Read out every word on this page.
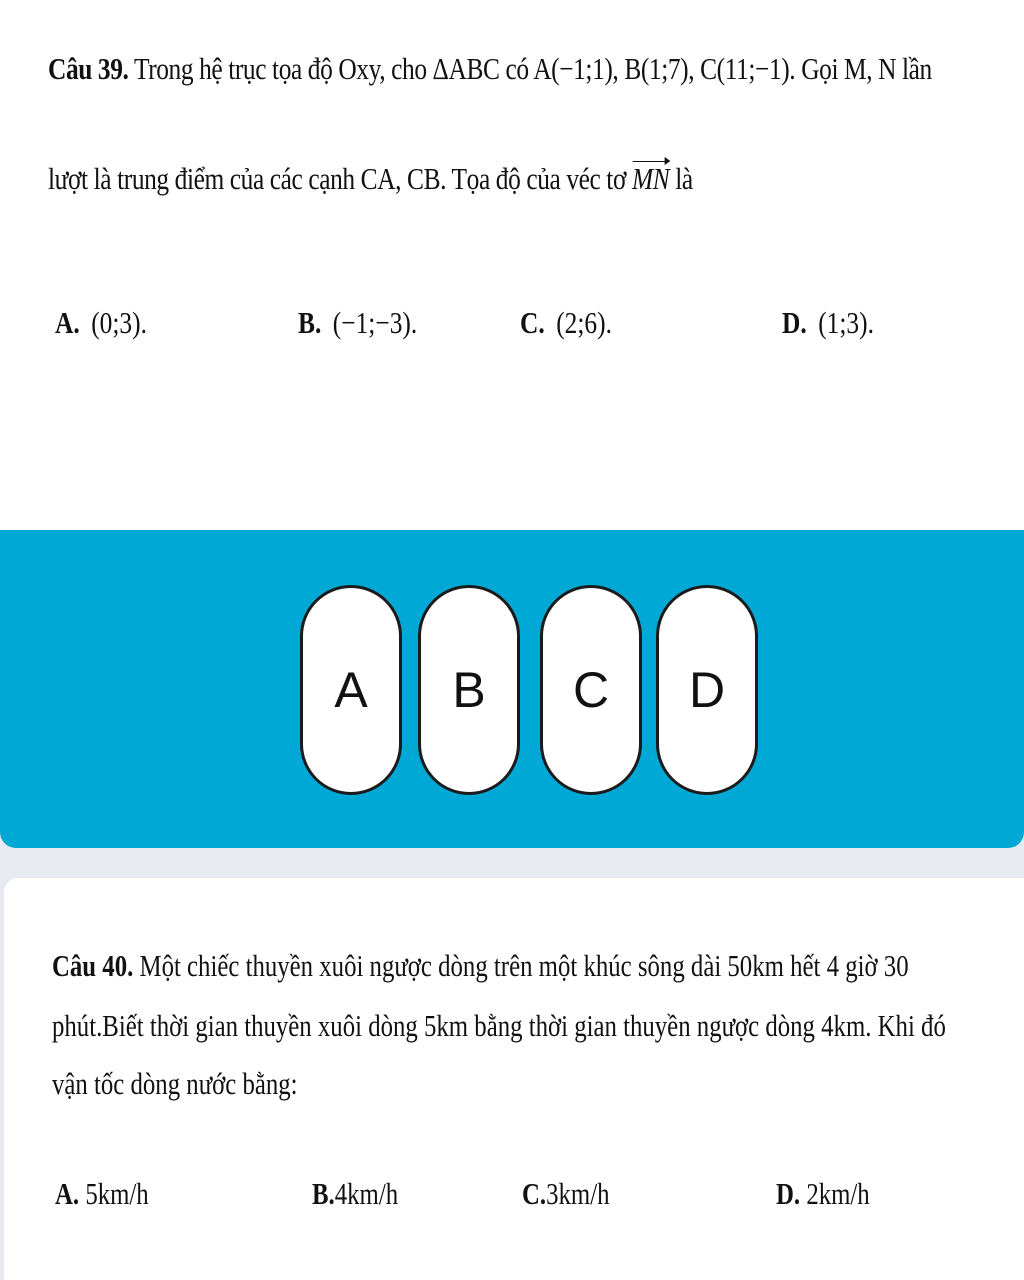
Câu 39. Trong hệ trục tọa độ Oxy, cho ΔABC có A(−1;1), B(1;7), C(11;−1). Gọi M, N lần
lượt là trung điểm của các cạnh CA, CB. Tọa độ của véc tơ MN là
A. (0;3).	B. (−1;−3).	C. (2;6).	D. (1;3).
A	B	C	D
Câu 40. Một chiếc thuyền xuôi ngược dòng trên một khúc sông dài 50km hết 4 giờ 30
phút.Biết thời gian thuyền xuôi dòng 5km bằng thời gian thuyền ngược dòng 4km. Khi đó
vận tốc dòng nước bằng:
A. 5km/h	B.4km/h	C.3km/h	D. 2km/h
